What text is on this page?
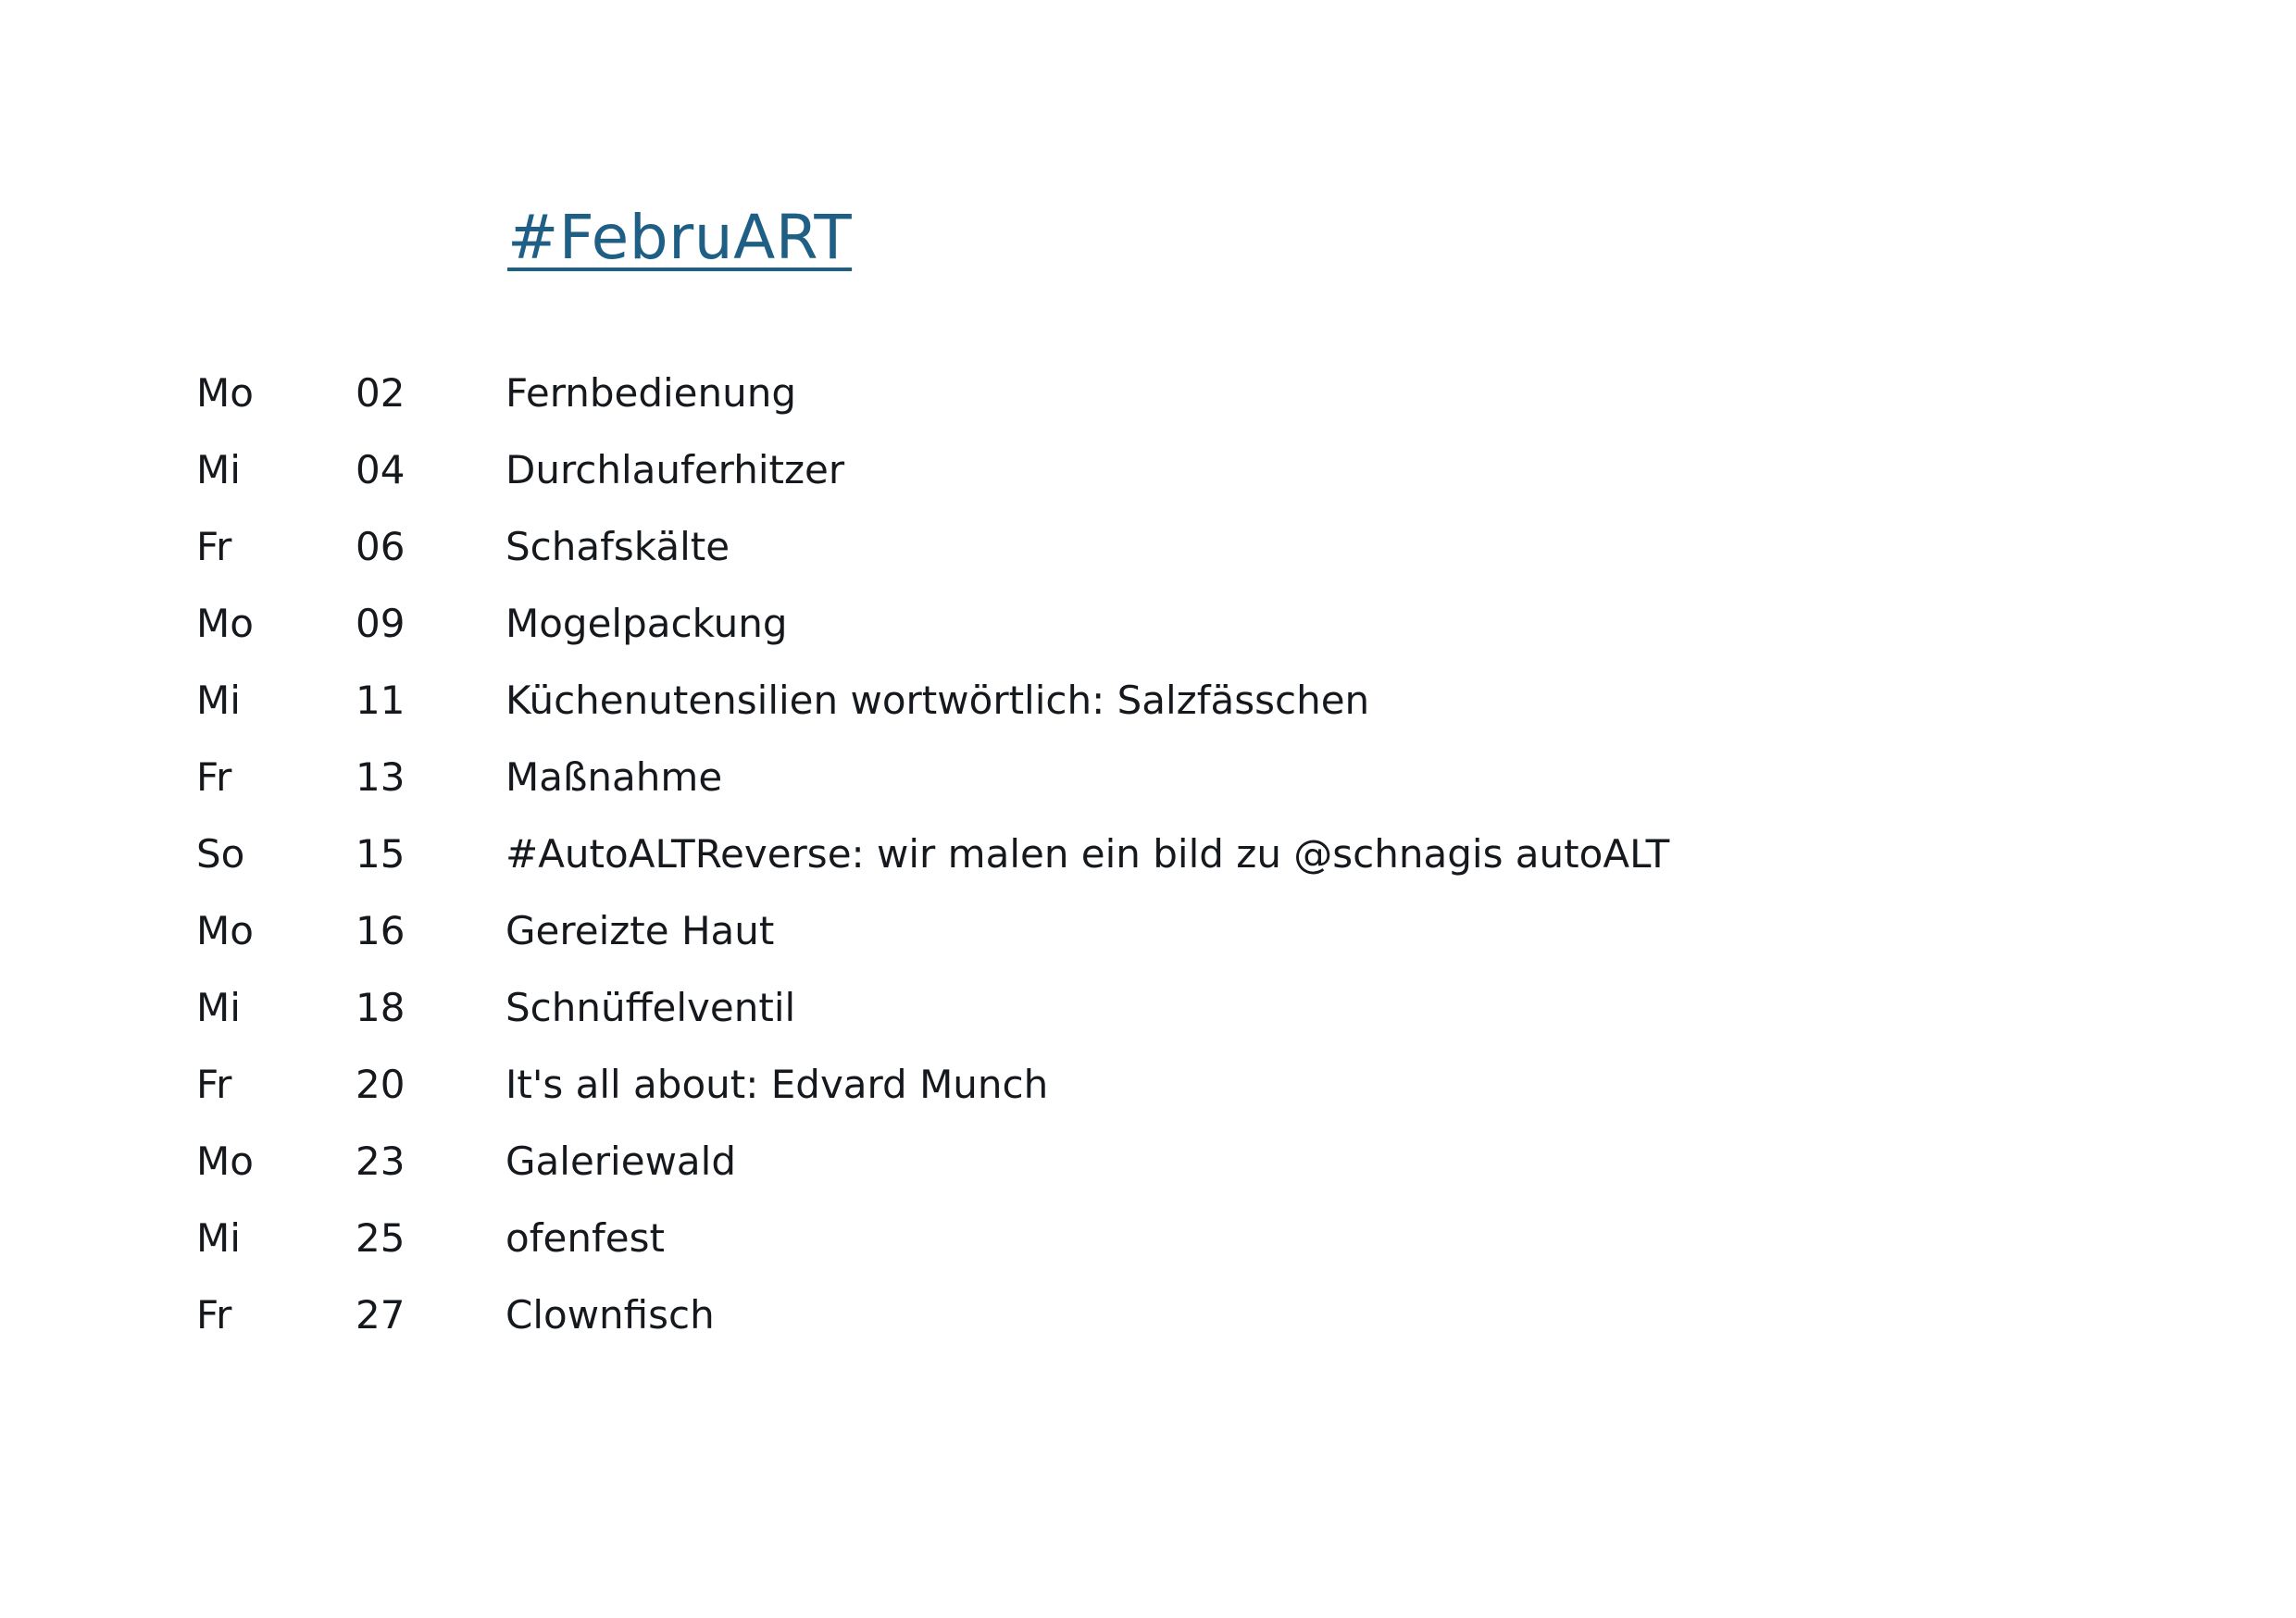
#FebruART
Mo	02	Fernbedienung
Mi	04	Durchlauferhitzer
Fr	06	Schafskälte
Mo	09	Mogelpackung
Mi	11	Küchenutensilien wortwörtlich: Salzfässchen
Fr	13	Maßnahme
So	15	#AutoALTReverse: wir malen ein bild zu @schnagis autoALT
Mo	16	Gereizte Haut
Mi	18	Schnüffelventil
Fr	20	It's all about: Edvard Munch
Mo	23	Galeriewald
Mi	25	ofenfest
Fr	27	Clownfisch
